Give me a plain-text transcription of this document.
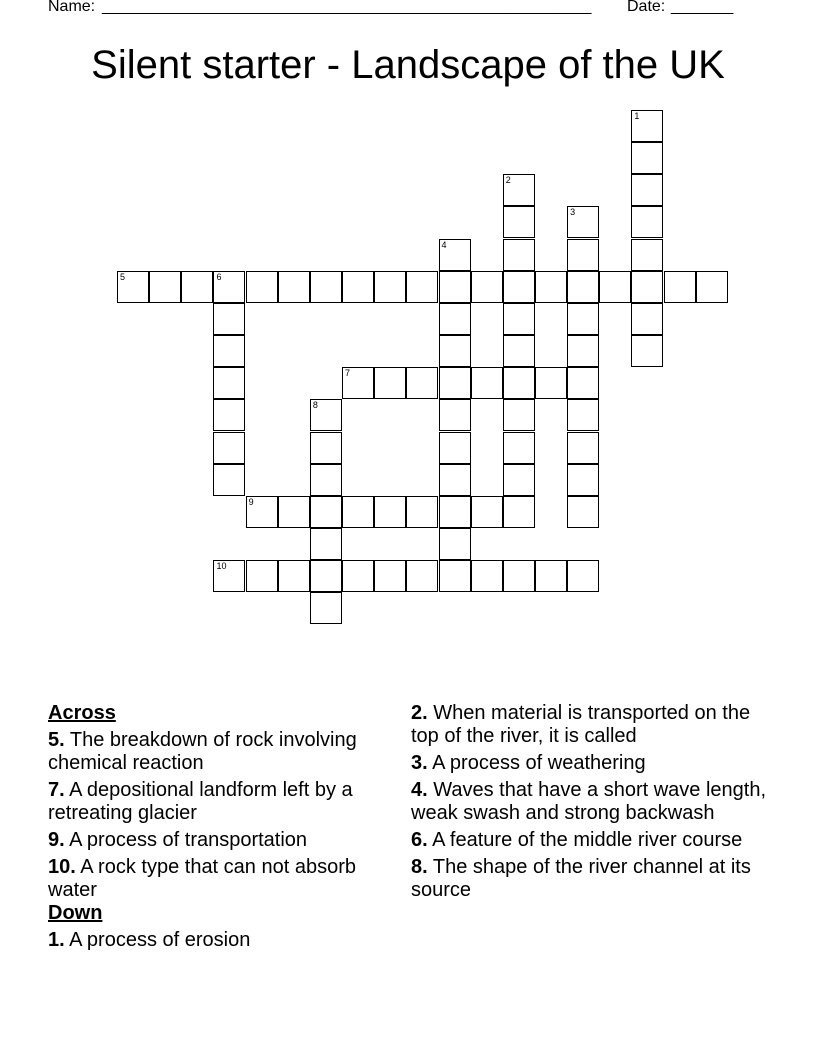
Name:

_______________________________________________________

Date:

_______

Silent starter - Landscape of the UK
1
2
3
4
5	6
7
8
9
10
Across
5. The breakdown of rock involving chemical reaction
7. A depositional landform left by a retreating glacier
9. A process of transportation
10. A rock type that can not absorb water
Down
1. A process of erosion
2. When material is transported on the top of the river, it is called
3. A process of weathering
4. Waves that have a short wave length, weak swash and strong backwash
6. A feature of the middle river course
8. The shape of the river channel at its source
